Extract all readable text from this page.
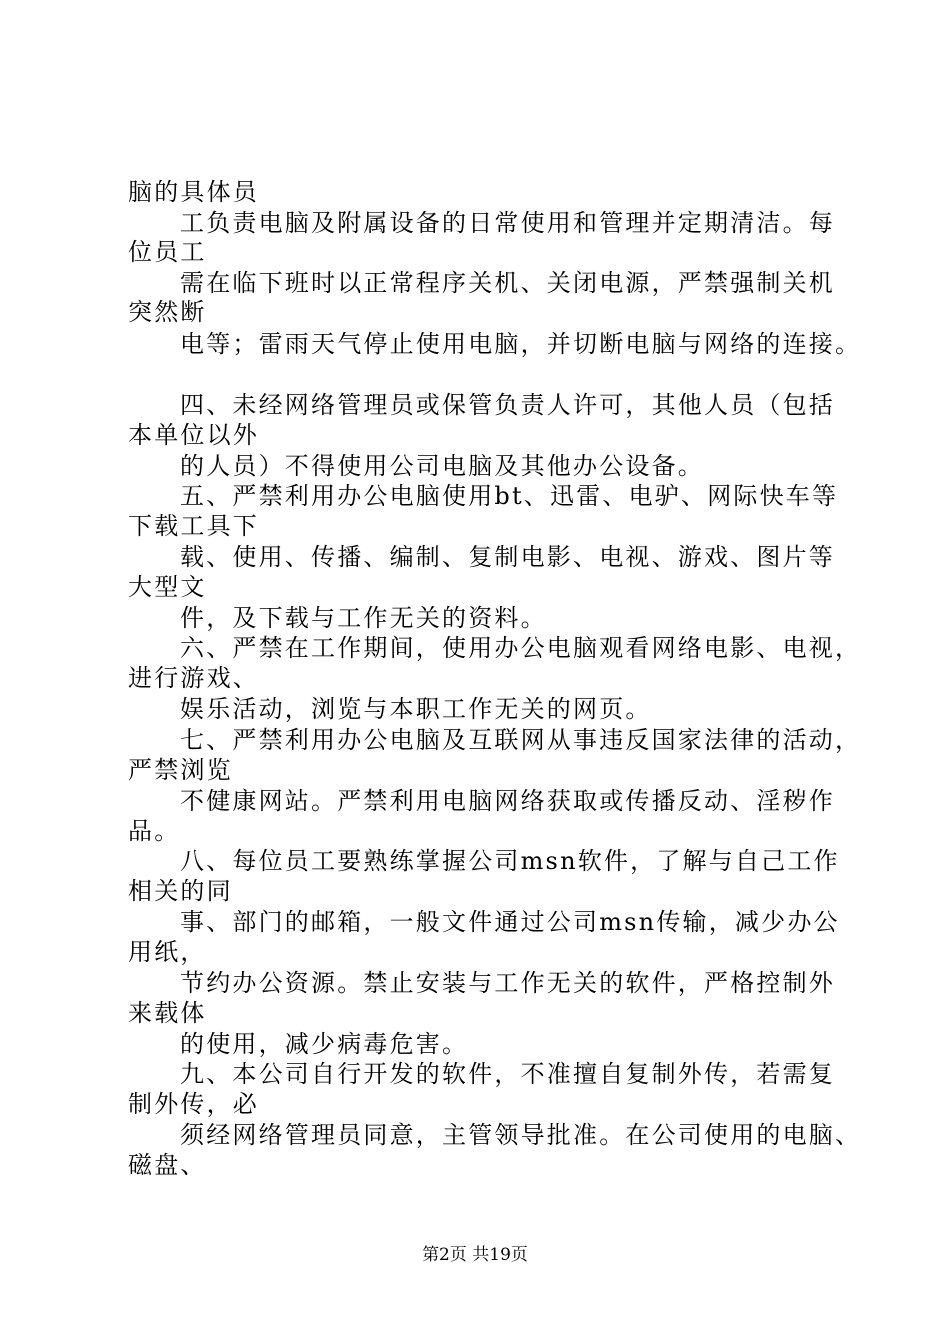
脑的具体员
工负责电脑及附属设备的日常使用和管理并定期清洁。每
位员工
需在临下班时以正常程序关机、关闭电源，严禁强制关机
突然断
电等；雷雨天气停止使用电脑，并切断电脑与网络的连接。
四、未经网络管理员或保管负责人许可，其他人员（包括
本单位以外
的人员）不得使用公司电脑及其他办公设备。
五、严禁利用办公电脑使用bt、迅雷、电驴、网际快车等
下载工具下
载、使用、传播、编制、复制电影、电视、游戏、图片等
大型文
件，及下载与工作无关的资料。
六、严禁在工作期间，使用办公电脑观看网络电影、电视，
进行游戏、
娱乐活动，浏览与本职工作无关的网页。
七、严禁利用办公电脑及互联网从事违反国家法律的活动，
严禁浏览
不健康网站。严禁利用电脑网络获取或传播反动、淫秽作
品。
八、每位员工要熟练掌握公司msn软件，了解与自己工作
相关的同
事、部门的邮箱，一般文件通过公司msn传输，减少办公
用纸，
节约办公资源。禁止安装与工作无关的软件，严格控制外
来载体
的使用，减少病毒危害。
九、本公司自行开发的软件，不准擅自复制外传，若需复
制外传，必
须经网络管理员同意，主管领导批准。在公司使用的电脑、
磁盘、
第2页 共19页
